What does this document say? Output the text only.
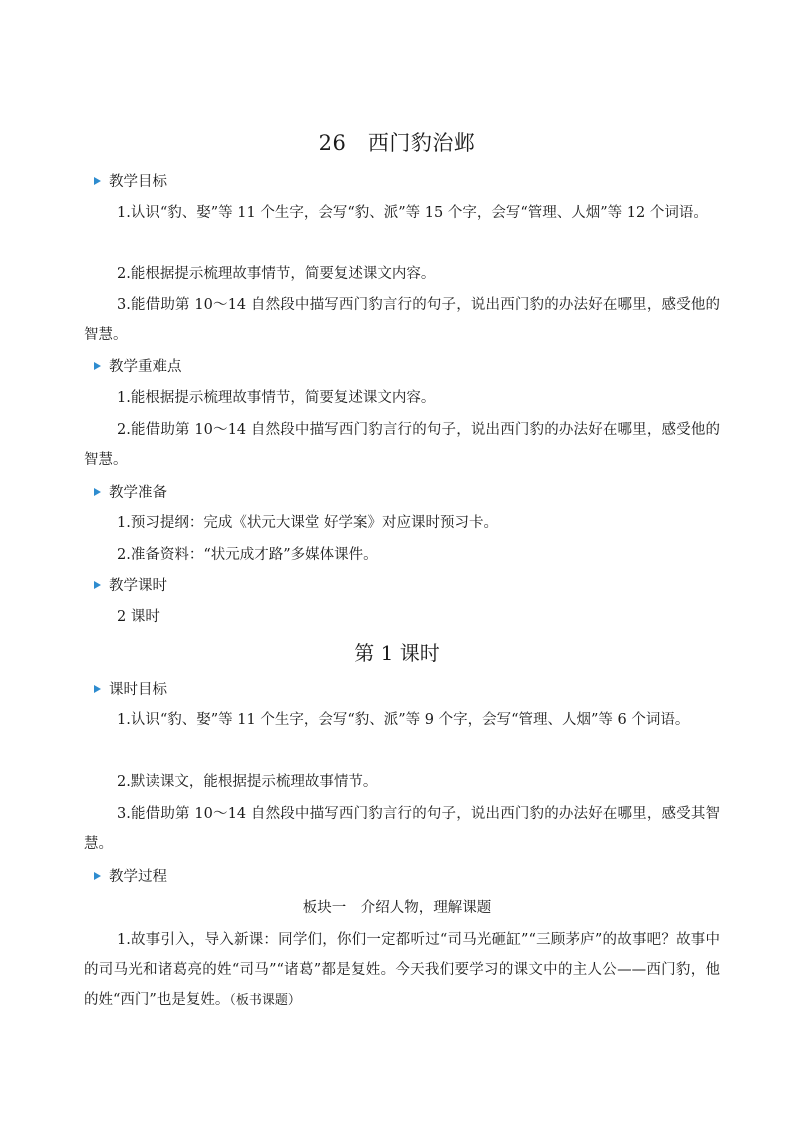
26　西门豹治邺
教学目标
1.认识“豹、娶”等 11 个生字，会写“豹、派”等 15 个字，会写“管理、人烟”等 12 个词语。
2.能根据提示梳理故事情节，简要复述课文内容。
3.能借助第 10～14 自然段中描写西门豹言行的句子，说出西门豹的办法好在哪里，感受他的智慧。
教学重难点
1.能根据提示梳理故事情节，简要复述课文内容。
2.能借助第 10～14 自然段中描写西门豹言行的句子，说出西门豹的办法好在哪里，感受他的智慧。
教学准备
1.预习提纲：完成《状元大课堂 好学案》对应课时预习卡。
2.准备资料：“状元成才路”多媒体课件。
教学课时
2 课时
第 1 课时
课时目标
1.认识“豹、娶”等 11 个生字，会写“豹、派”等 9 个字，会写“管理、人烟”等 6 个词语。
2.默读课文，能根据提示梳理故事情节。
3.能借助第 10～14 自然段中描写西门豹言行的句子，说出西门豹的办法好在哪里，感受其智慧。
教学过程
板块一　介绍人物，理解课题
1.故事引入，导入新课：同学们，你们一定都听过“司马光砸缸”“三顾茅庐”的故事吧？故事中的司马光和诸葛亮的姓“司马”“诸葛”都是复姓。今天我们要学习的课文中的主人公——西门豹，他的姓“西门”也是复姓。（板书课题）
